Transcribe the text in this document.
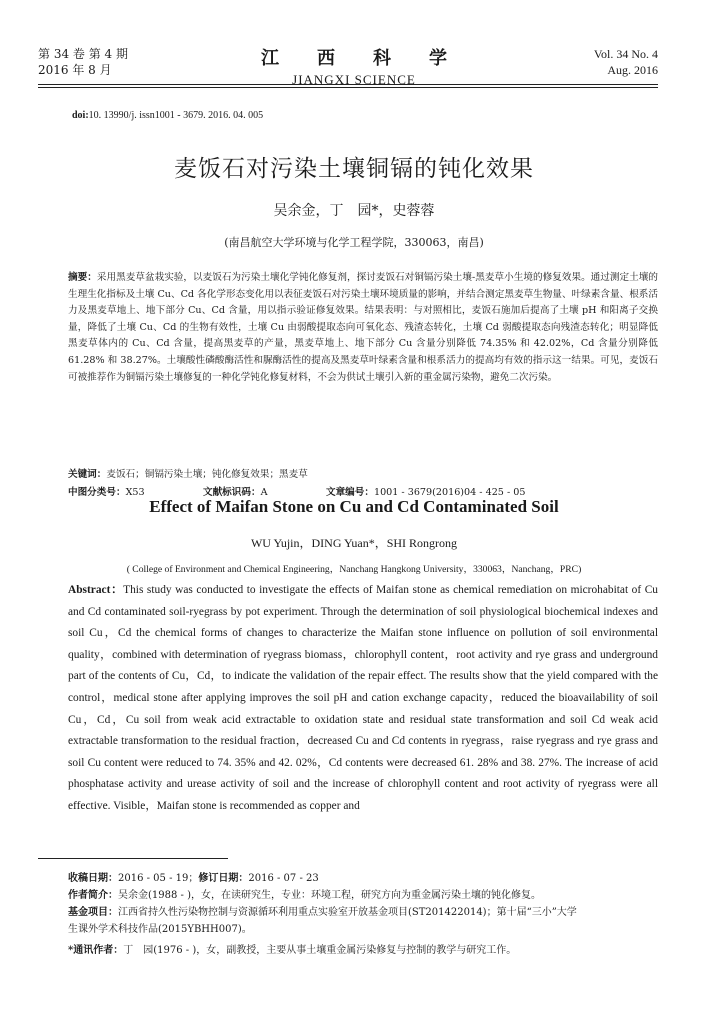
第 34 卷 第 4 期
2016 年 8 月
江西科学
JIANGXI SCIENCE
Vol. 34 No. 4
Aug. 2016
doi:10. 13990/j. issn1001 - 3679. 2016. 04. 005
麦饭石对污染土壤铜镉的钝化效果
吴余金，丁　园*，史蓉蓉
(南昌航空大学环境与化学工程学院，330063，南昌)
摘要：采用黑麦草盆栽实验，以麦饭石为污染土壤化学钝化修复剂，探讨麦饭石对铜镉污染土壤-黑麦草小生境的修复效果。通过测定土壤的生理生化指标及土壤 Cu、Cd 各化学形态变化用以表征麦饭石对污染土壤环境质量的影响，并结合测定黑麦草生物量、叶绿素含量、根系活力及黑麦草地上、地下部分 Cu、Cd 含量，用以指示验证修复效果。结果表明：与对照相比，麦饭石施加后提高了土壤 pH 和阳离子交换量，降低了土壤 Cu、Cd 的生物有效性，土壤 Cu 由弱酸提取态向可氧化态、残渣态转化，土壤 Cd 弱酸提取态向残渣态转化；明显降低黑麦草体内的 Cu、Cd 含量，提高黑麦草的产量，黑麦草地上、地下部分 Cu 含量分别降低 74.35% 和 42.02%，Cd 含量分别降低 61.28% 和 38.27%。土壤酸性磷酸酶活性和脲酶活性的提高及黑麦草叶绿素含量和根系活力的提高均有效的指示这一结果。可见，麦饭石可被推荐作为铜镉污染土壤修复的一种化学钝化修复材料，不会为供试土壤引入新的重金属污染物，避免二次污染。
关键词：麦饭石；铜镉污染土壤；钝化修复效果；黑麦草
中图分类号：X53	文献标识码：A	文章编号：1001 - 3679(2016)04 - 425 - 05
Effect of Maifan Stone on Cu and Cd Contaminated Soil
WU Yujin，DING Yuan*，SHI Rongrong
( College of Environment and Chemical Engineering，Nanchang Hangkong University，330063，Nanchang，PRC)
Abstract：This study was conducted to investigate the effects of Maifan stone as chemical remediation on microhabitat of Cu and Cd contaminated soil-ryegrass by pot experiment. Through the determination of soil physiological biochemical indexes and soil Cu，Cd the chemical forms of changes to characterize the Maifan stone influence on pollution of soil environmental quality，combined with determination of ryegrass biomass，chlorophyll content，root activity and rye grass and underground part of the contents of Cu，Cd，to indicate the validation of the repair effect. The results show that the yield compared with the control，medical stone after applying improves the soil pH and cation exchange capacity，reduced the bioavailability of soil Cu，Cd，Cu soil from weak acid extractable to oxidation state and residual state transformation and soil Cd weak acid extractable transformation to the residual fraction，decreased Cu and Cd contents in ryegrass，raise ryegrass and rye grass and soil Cu content were reduced to 74. 35% and 42. 02%，Cd contents were decreased 61. 28% and 38. 27%. The increase of acid phosphatase activity and urease activity of soil and the increase of chlorophyll content and root activity of ryegrass were all effective. Visible，Maifan stone is recommended as copper and
收稿日期：2016 - 05 - 19；修订日期：2016 - 07 - 23
作者简介：吴余金(1988 - )，女，在读研究生，专业：环境工程，研究方向为重金属污染土壤的钝化修复。
基金项目：江西省持久性污染物控制与资源循环利用重点实验室开放基金项目(ST201422014)；第十届“三小”大学
生课外学术科技作品(2015YBHH007)。
*通讯作者：丁　园(1976 - )，女，副教授，主要从事土壤重金属污染修复与控制的教学与研究工作。
